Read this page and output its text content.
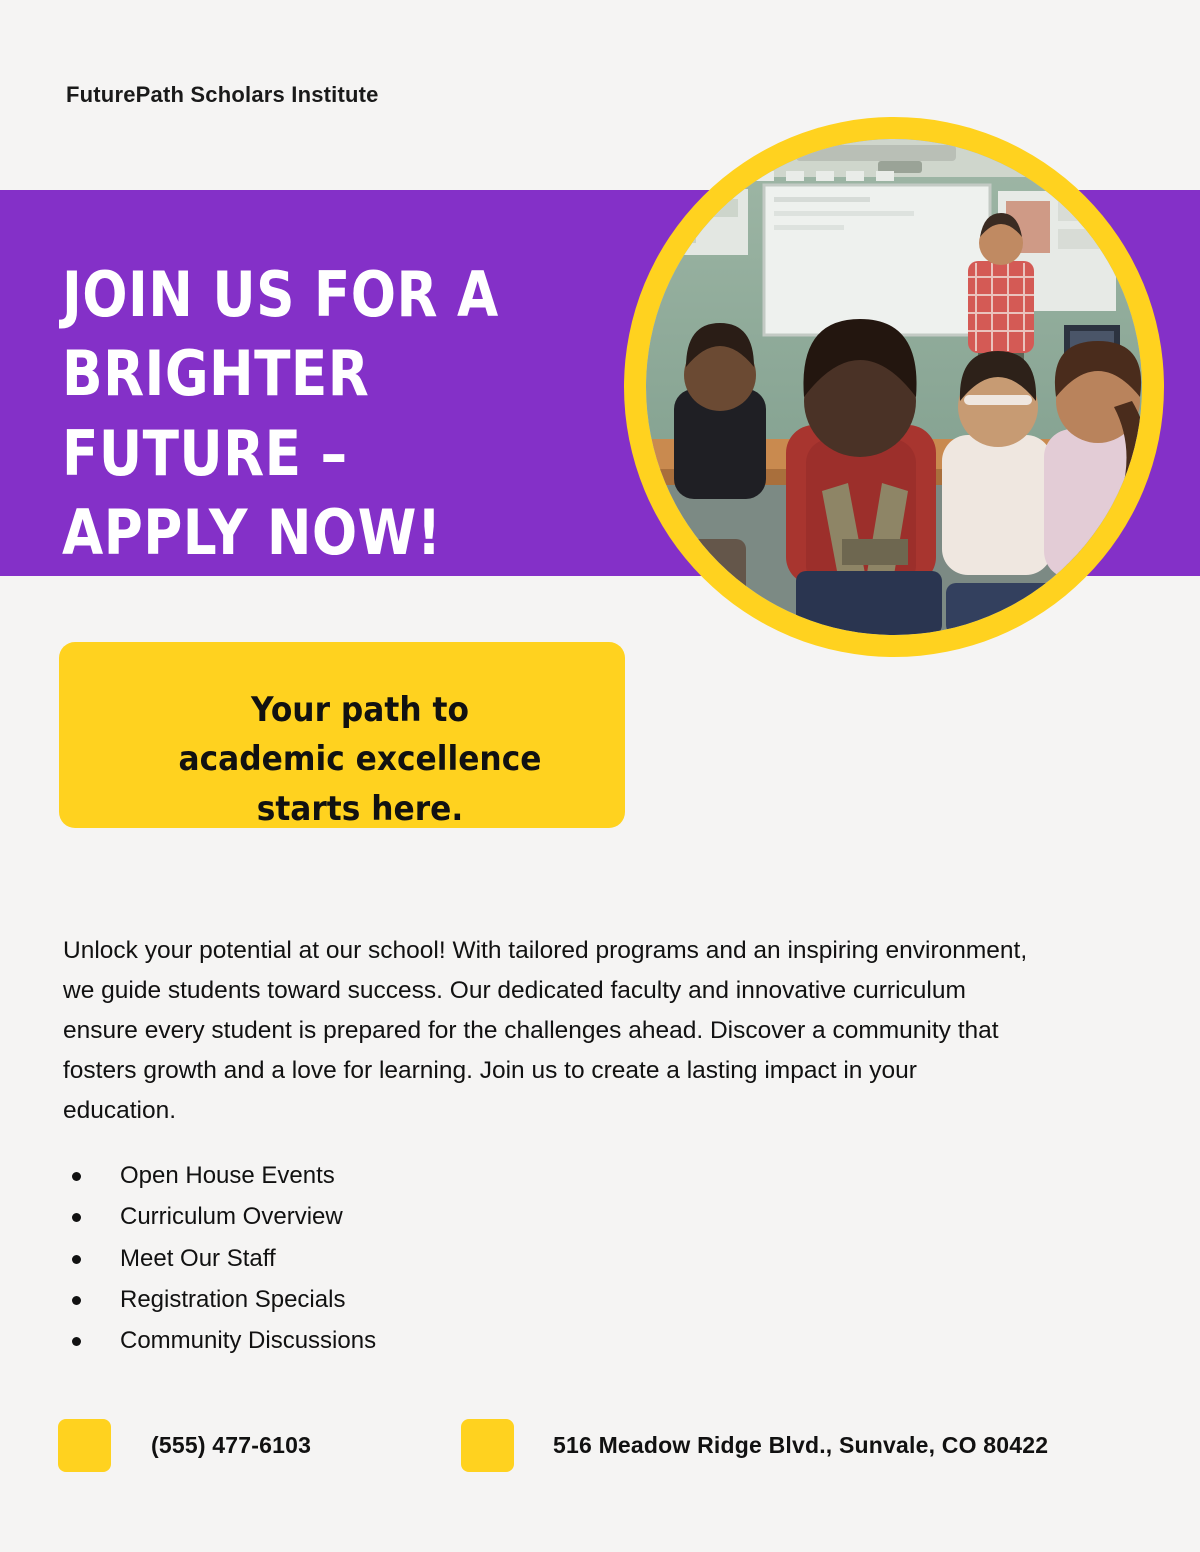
FuturePath Scholars Institute
JOIN US FOR A BRIGHTER FUTURE – APPLY NOW!
Your path to academic excellence starts here.

Unlock your potential at our school! With tailored programs and an inspiring environment, we guide students toward success. Our dedicated faculty and innovative curriculum ensure every student is prepared for the challenges ahead. Discover a community that fosters growth and a love for learning. Join us to create a lasting impact in your education.

Open House Events
Curriculum Overview
Meet Our Staff
Registration Specials
Community Discussions
(555) 477-6103	516 Meadow Ridge Blvd., Sunvale, CO 80422
